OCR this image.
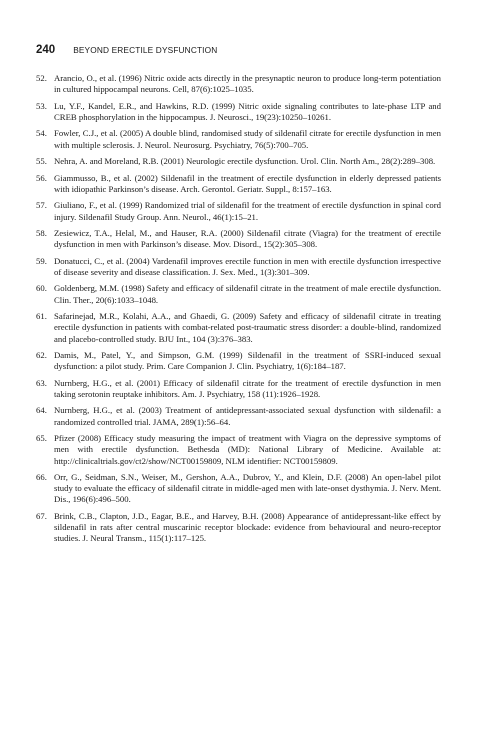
240 BEYOND ERECTILE DYSFUNCTION
52. Arancio, O., et al. (1996) Nitric oxide acts directly in the presynaptic neuron to produce long-term potentiation in cultured hippocampal neurons. Cell, 87(6):1025–1035.
53. Lu, Y.F., Kandel, E.R., and Hawkins, R.D. (1999) Nitric oxide signaling contributes to late-phase LTP and CREB phosphorylation in the hippocampus. J. Neurosci., 19(23):10250–10261.
54. Fowler, C.J., et al. (2005) A double blind, randomised study of sildenafil citrate for erectile dysfunction in men with multiple sclerosis. J. Neurol. Neurosurg. Psychiatry, 76(5):700–705.
55. Nehra, A. and Moreland, R.B. (2001) Neurologic erectile dysfunction. Urol. Clin. North Am., 28(2):289–308.
56. Giammusso, B., et al. (2002) Sildenafil in the treatment of erectile dysfunction in elderly depressed patients with idiopathic Parkinson’s disease. Arch. Gerontol. Geriatr. Suppl., 8:157–163.
57. Giuliano, F., et al. (1999) Randomized trial of sildenafil for the treatment of erectile dysfunction in spinal cord injury. Sildenafil Study Group. Ann. Neurol., 46(1):15–21.
58. Zesiewicz, T.A., Helal, M., and Hauser, R.A. (2000) Sildenafil citrate (Viagra) for the treatment of erectile dysfunction in men with Parkinson’s disease. Mov. Disord., 15(2):305–308.
59. Donatucci, C., et al. (2004) Vardenafil improves erectile function in men with erectile dysfunction irrespective of disease severity and disease classification. J. Sex. Med., 1(3):301–309.
60. Goldenberg, M.M. (1998) Safety and efficacy of sildenafil citrate in the treatment of male erectile dysfunction. Clin. Ther., 20(6):1033–1048.
61. Safarinejad, M.R., Kolahi, A.A., and Ghaedi, G. (2009) Safety and efficacy of sildenafil citrate in treating erectile dysfunction in patients with combat-related post-traumatic stress disorder: a double-blind, randomized and placebo-controlled study. BJU Int., 104 (3):376–383.
62. Damis, M., Patel, Y., and Simpson, G.M. (1999) Sildenafil in the treatment of SSRI-induced sexual dysfunction: a pilot study. Prim. Care Companion J. Clin. Psychiatry, 1(6):184–187.
63. Nurnberg, H.G., et al. (2001) Efficacy of sildenafil citrate for the treatment of erectile dysfunction in men taking serotonin reuptake inhibitors. Am. J. Psychiatry, 158 (11):1926–1928.
64. Nurnberg, H.G., et al. (2003) Treatment of antidepressant-associated sexual dysfunction with sildenafil: a randomized controlled trial. JAMA, 289(1):56–64.
65. Pfizer (2008) Efficacy study measuring the impact of treatment with Viagra on the depressive symptoms of men with erectile dysfunction. Bethesda (MD): National Library of Medicine. Available at: http://clinicaltrials.gov/ct2/show/NCT00159809, NLM identifier: NCT00159809.
66. Orr, G., Seidman, S.N., Weiser, M., Gershon, A.A., Dubrov, Y., and Klein, D.F. (2008) An open-label pilot study to evaluate the efficacy of sildenafil citrate in middle-aged men with late-onset dysthymia. J. Nerv. Ment. Dis., 196(6):496–500.
67. Brink, C.B., Clapton, J.D., Eagar, B.E., and Harvey, B.H. (2008) Appearance of antidepressant-like effect by sildenafil in rats after central muscarinic receptor blockade: evidence from behavioural and neuro-receptor studies. J. Neural Transm., 115(1):117–125.
